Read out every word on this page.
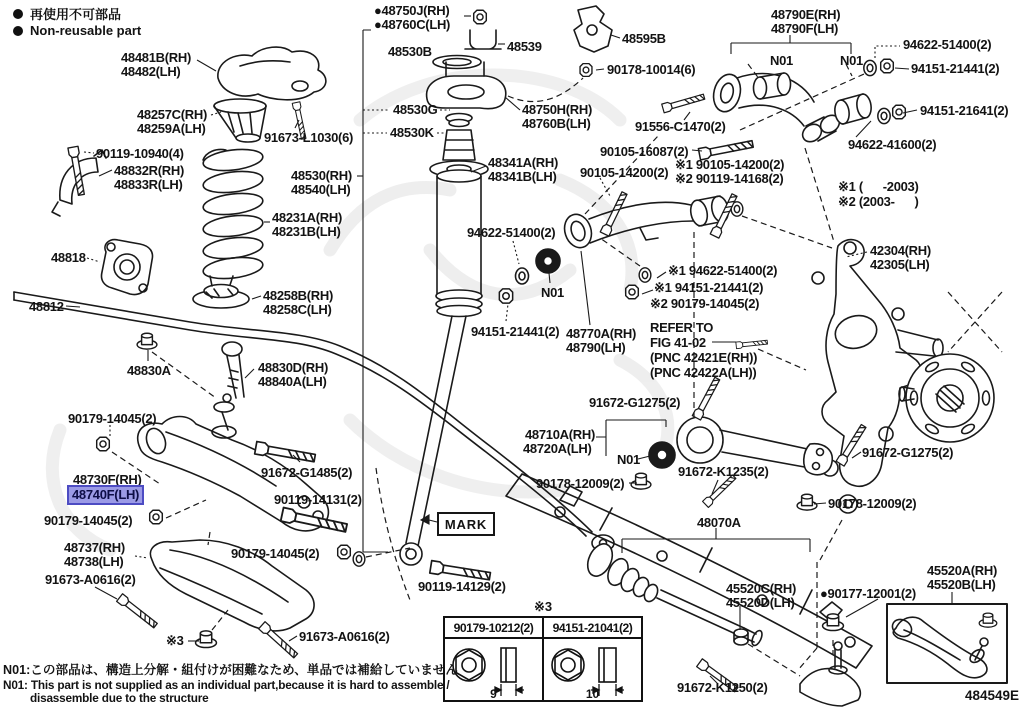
再使用不可部品
Non-reusable part
MARK
48481B(RH)
48482(LH)
48257C(RH)
48259A(LH)
91673-L1030(6)
90119-10940(4)
48832R(RH)
48833R(LH)
48530(RH)
48540(LH)
48231A(RH)
48231B(LH)
48818
48258B(RH)
48258C(LH)
48812
48830A	48830D(RH)
48840A(LH)
90179-14045(2)
48730F(RH)
48740F(LH)
91672-G1485(2)
90119-14131(2)
90179-14045(2)
48737(RH)
48738(LH)
90179-14045(2)
91673-A0616(2)
※3	91673-A0616(2)
90119-14129(2)
●48750J(RH)
●48760C(LH)
48530B	48539
48595B
90178-10014(6)
48530G
48530K
48750H(RH)
48760B(LH)
48341A(RH)
48341B(LH)
94622-51400(2)
N01
94151-21441(2) 48770A(RH)
48790(LH)
48710A(RH)
48720A(LH)
N01
90178-12009(2)
48070A
45520C(RH)
45520D(LH)
91672-K1250(2)
48790E(RH)
48790F(LH)
N01	N01
94622-51400(2)
94151-21441(2)
94151-21641(2)
94622-41600(2)
91556-C1470(2)
90105-16087(2)
90105-14200(2)
※1 90105-14200(2)
※2 90119-14168(2)
※1 (      -2003)
※2 (2003-      )
42304(RH)
42305(LH)
※1 94622-51400(2)
※1 94151-21441(2)
※2 90179-14045(2)
REFER TO
FIG 41-02
(PNC 42421E(RH))
(PNC 42422A(LH))
91672-G1275(2)
91672-K1235(2)
91672-G1275(2)
90178-12009(2)
●90177-12001(2)
45520A(RH)
45520B(LH)
※3
90179-10212(2)
9
94151-21041(2)
10
N01:この部品は、構造上分解・組付けが困難なため、単品では補給していません
N01: This part is not supplied as an individual part,because it is hard to assemble /
disassemble due to the structure	484549E
